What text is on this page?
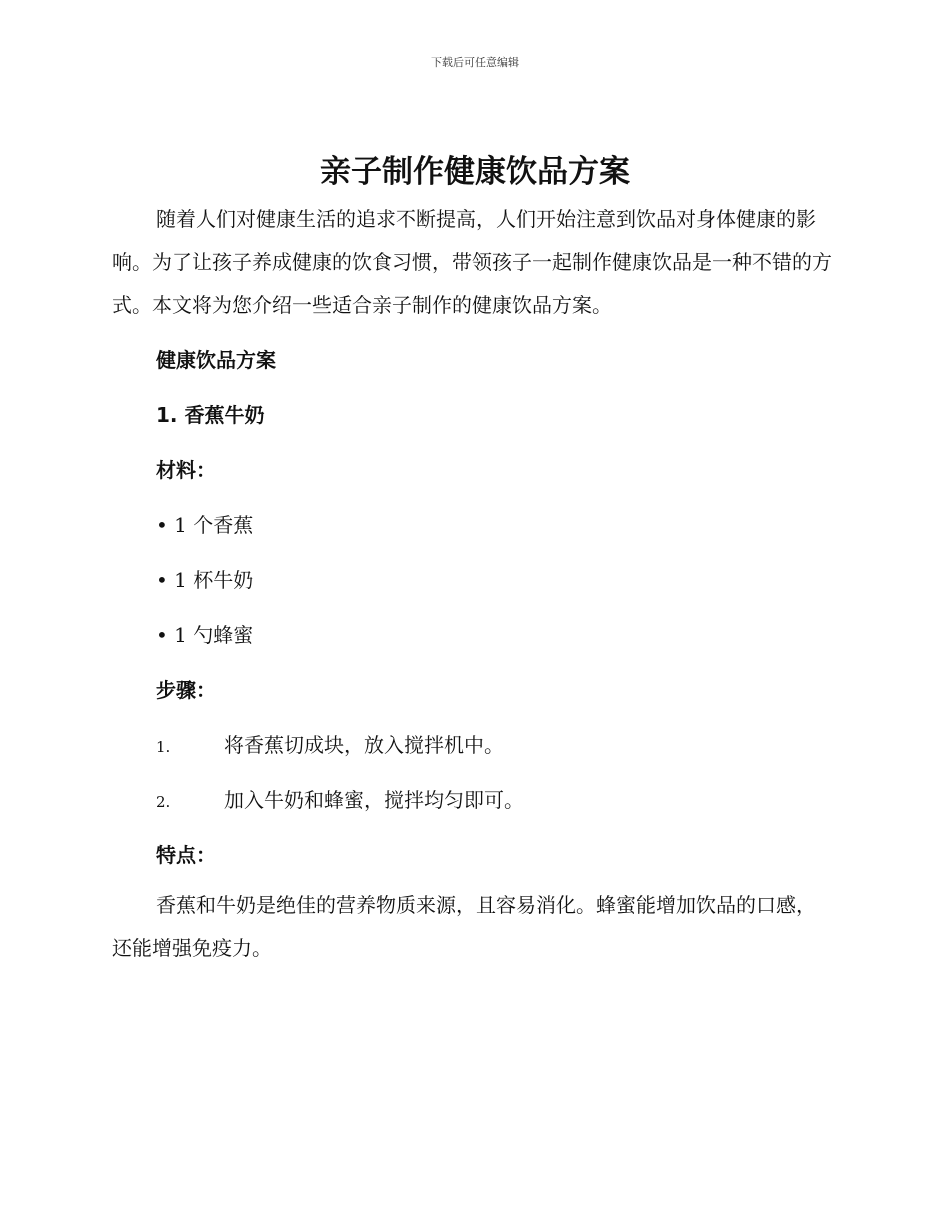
下载后可任意编辑
亲子制作健康饮品方案

随着人们对健康生活的追求不断提高，人们开始注意到饮品对身体健康的影响。为了让孩子养成健康的饮食习惯，带领孩子一起制作健康饮品是一种不错的方式。本文将为您介绍一些适合亲子制作的健康饮品方案。

健康饮品方案

1. 香蕉牛奶

材料：

• 1 个香蕉

• 1 杯牛奶

• 1 勺蜂蜜

步骤：

1.	将香蕉切成块，放入搅拌机中。
2.	加入牛奶和蜂蜜，搅拌均匀即可。

特点：

香蕉和牛奶是绝佳的营养物质来源，且容易消化。蜂蜜能增加饮品的口感，还能增强免疫力。
